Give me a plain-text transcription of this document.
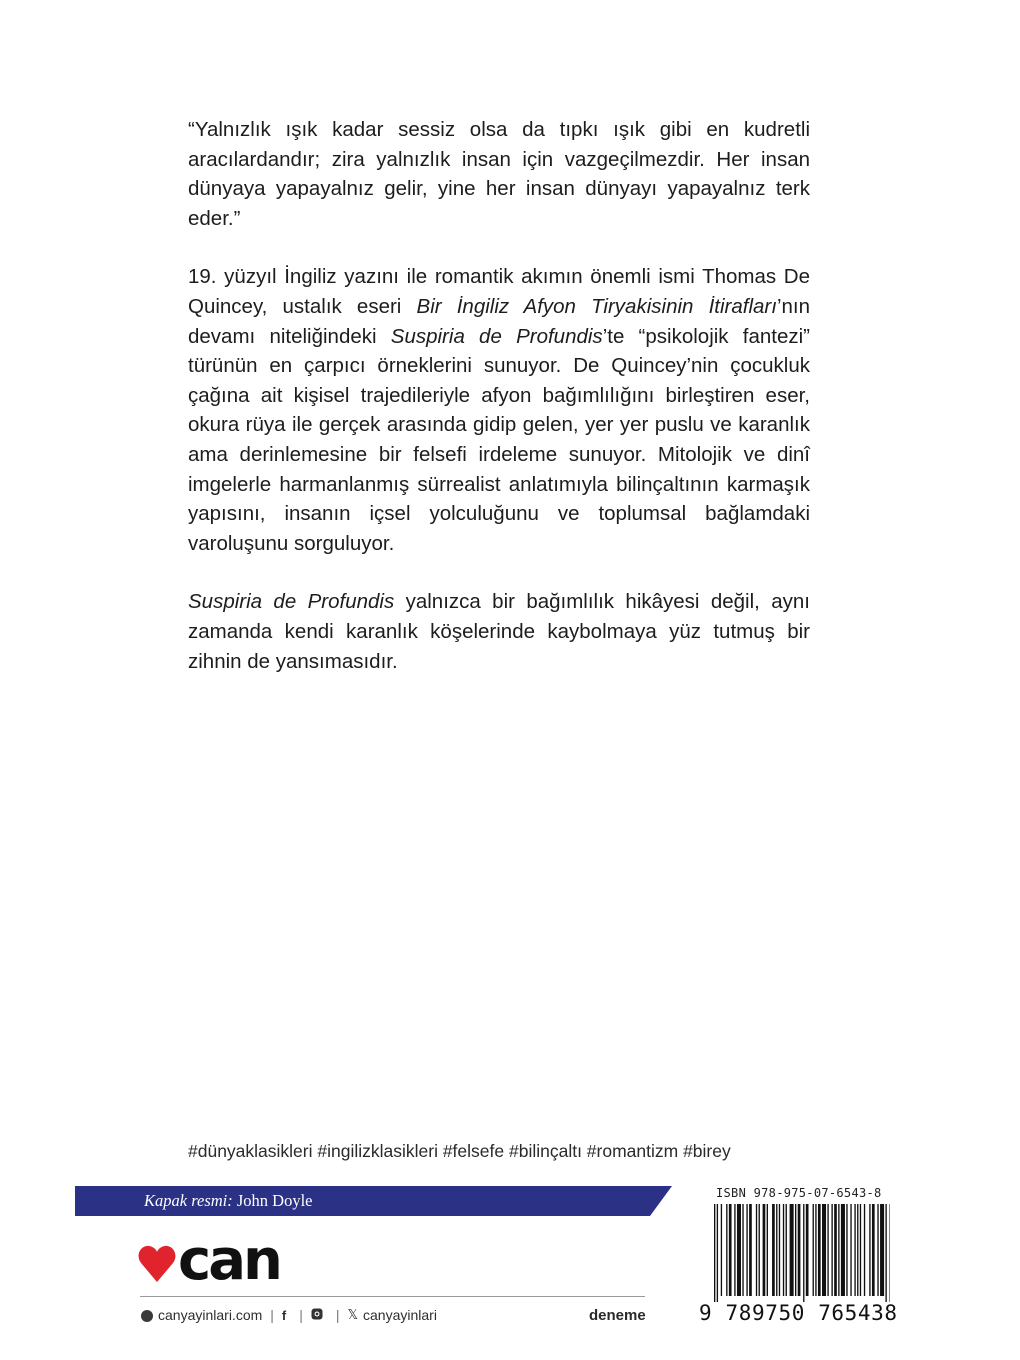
“Yalnızlık ışık kadar sessiz olsa da tıpkı ışık gibi en kudretli aracılardandır; zira yalnızlık insan için vazgeçilmezdir. Her insan dünyaya yapayalnız gelir, yine her insan dünyayı yapayalnız terk eder.”

19. yüzyıl İngiliz yazını ile romantik akımın önemli ismi Thomas De Quincey, ustalık eseri Bir İngiliz Afyon Tiryakisinin İtirafları’nın devamı niteliğindeki Suspiria de Profundis’te “psikolojik fantezi” türünün en çarpıcı örneklerini sunuyor. De Quincey’nin çocukluk çağına ait kişisel trajedileriyle afyon bağımlılığını birleştiren eser, okura rüya ile gerçek arasında gidip gelen, yer yer puslu ve karanlık ama derinlemesine bir felsefi irdeleme sunuyor. Mitolojik ve dinî imgelerle harmanlanmış sürrealist anlatımıyla bilinçaltının karmaşık yapısını, insanın içsel yolculuğunu ve toplumsal bağlamdaki varoluşunu sorguluyor.

Suspiria de Profundis yalnızca bir bağımlılık hikâyesi değil, aynı zamanda kendi karanlık köşelerinde kaybolmaya yüz tutmuş bir zihnin de yansımasıdır.

#dünyaklasikleri #ingilizklasikleri #felsefe #bilinçaltı #romantizm #birey
Kapak resmi: John Doyle
can
canyayinlari.com | f | | 𝕏 canyayinlari	deneme
ISBN 978-975-07-6543-8
9 789750 765438
